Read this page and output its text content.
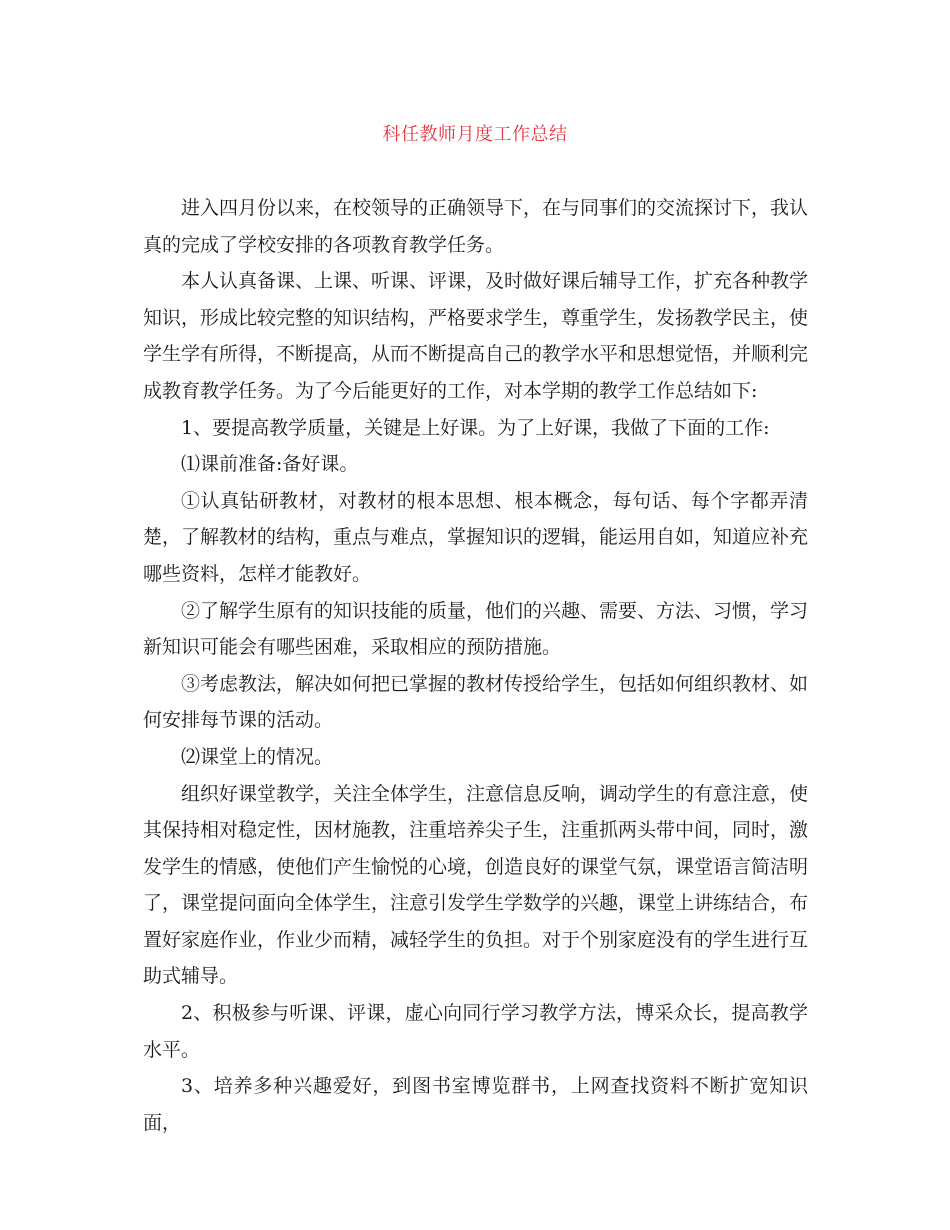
科任教师月度工作总结

进入四月份以来，在校领导的正确领导下，在与同事们的交流探讨下，我认真的完成了学校安排的各项教育教学任务。

本人认真备课、上课、听课、评课，及时做好课后辅导工作，扩充各种教学知识，形成比较完整的知识结构，严格要求学生，尊重学生，发扬教学民主，使学生学有所得，不断提高，从而不断提高自己的教学水平和思想觉悟，并顺利完成教育教学任务。为了今后能更好的工作，对本学期的教学工作总结如下:

1、要提高教学质量，关键是上好课。为了上好课，我做了下面的工作:

⑴课前准备:备好课。

①认真钻研教材，对教材的根本思想、根本概念，每句话、每个字都弄清楚，了解教材的结构，重点与难点，掌握知识的逻辑，能运用自如，知道应补充哪些资料，怎样才能教好。

②了解学生原有的知识技能的质量，他们的兴趣、需要、方法、习惯，学习新知识可能会有哪些困难，采取相应的预防措施。

③考虑教法，解决如何把已掌握的教材传授给学生，包括如何组织教材、如何安排每节课的活动。

⑵课堂上的情况。

组织好课堂教学，关注全体学生，注意信息反响，调动学生的有意注意，使其保持相对稳定性，因材施教，注重培养尖子生，注重抓两头带中间，同时，激发学生的情感，使他们产生愉悦的心境，创造良好的课堂气氛，课堂语言简洁明了，课堂提问面向全体学生，注意引发学生学数学的兴趣，课堂上讲练结合，布置好家庭作业，作业少而精，减轻学生的负担。对于个别家庭没有的学生进行互助式辅导。

2、积极参与听课、评课，虚心向同行学习教学方法，博采众长，提高教学水平。

3、培养多种兴趣爱好，到图书室博览群书，上网查找资料不断扩宽知识面，
